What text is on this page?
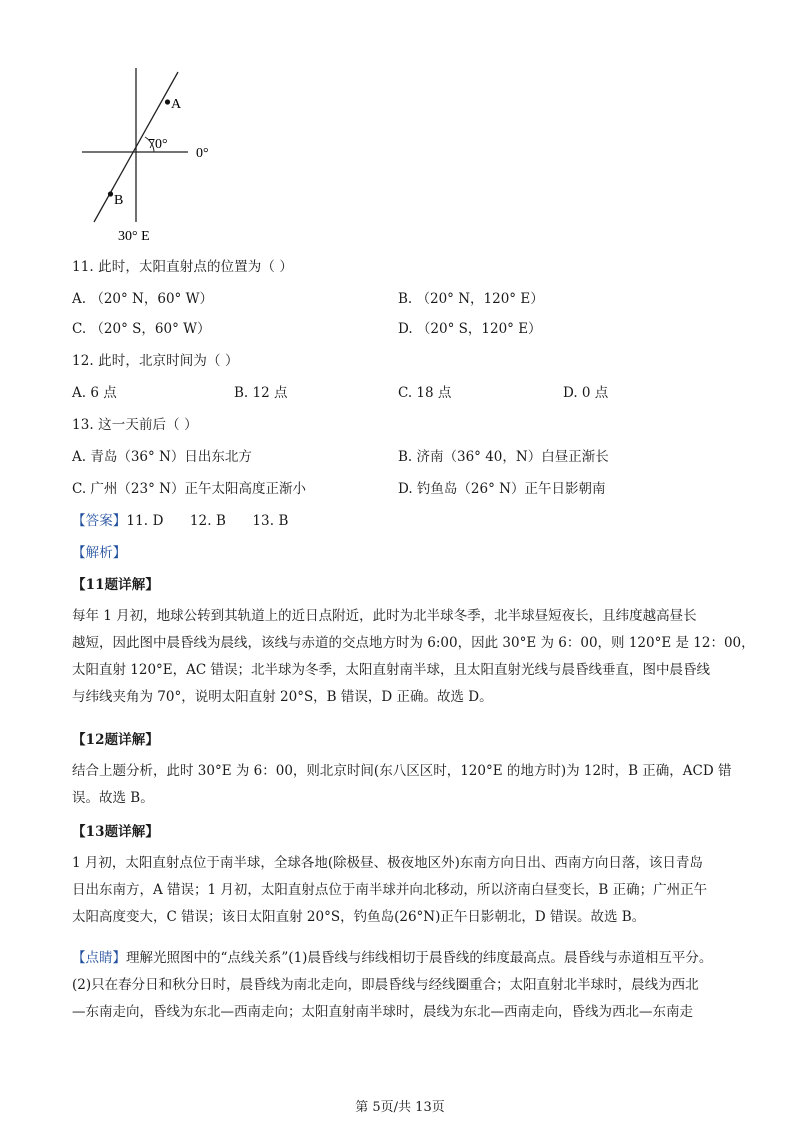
A
B
70°
0°
30° E
11. 此时，太阳直射点的位置为（ ）
A. （20° N，60° W）	B. （20° N，120° E）
C. （20° S，60° W）	D. （20° S，120° E）
12. 此时，北京时间为（ ）
A. 6 点	B. 12 点	C. 18 点	D. 0 点
13. 这一天前后（ ）
A. 青岛（36° N）日出东北方	B. 济南（36° 40，N）白昼正渐长
C. 广州（23° N）正午太阳高度正渐小	D. 钓鱼岛（26° N）正午日影朝南
【答案】11. D      12. B      13. B
【解析】
【11题详解】
每年 1 月初，地球公转到其轨道上的近日点附近，此时为北半球冬季，北半球昼短夜长，且纬度越高昼长
越短，因此图中晨昏线为晨线，该线与赤道的交点地方时为 6:00，因此 30°E 为 6：00，则 120°E 是 12：00，
太阳直射 120°E，AC 错误；北半球为冬季，太阳直射南半球，且太阳直射光线与晨昏线垂直，图中晨昏线
与纬线夹角为 70°，说明太阳直射 20°S，B 错误，D 正确。故选 D。
【12题详解】
结合上题分析，此时 30°E 为 6：00，则北京时间(东八区区时，120°E 的地方时)为 12时，B 正确，ACD 错
误。故选 B。
【13题详解】
1 月初，太阳直射点位于南半球，全球各地(除极昼、极夜地区外)东南方向日出、西南方向日落，该日青岛
日出东南方，A 错误；1 月初，太阳直射点位于南半球并向北移动，所以济南白昼变长，B 正确；广州正午
太阳高度变大，C 错误；该日太阳直射 20°S，钓鱼岛(26°N)正午日影朝北，D 错误。故选 B。
【点睛】理解光照图中的“点线关系”(1)晨昏线与纬线相切于晨昏线的纬度最高点。晨昏线与赤道相互平分。
(2)只在春分日和秋分日时，晨昏线为南北走向，即晨昏线与经线圈重合；太阳直射北半球时，晨线为西北
—东南走向，昏线为东北—西南走向；太阳直射南半球时，晨线为东北—西南走向，昏线为西北—东南走
第 5页/共 13页
